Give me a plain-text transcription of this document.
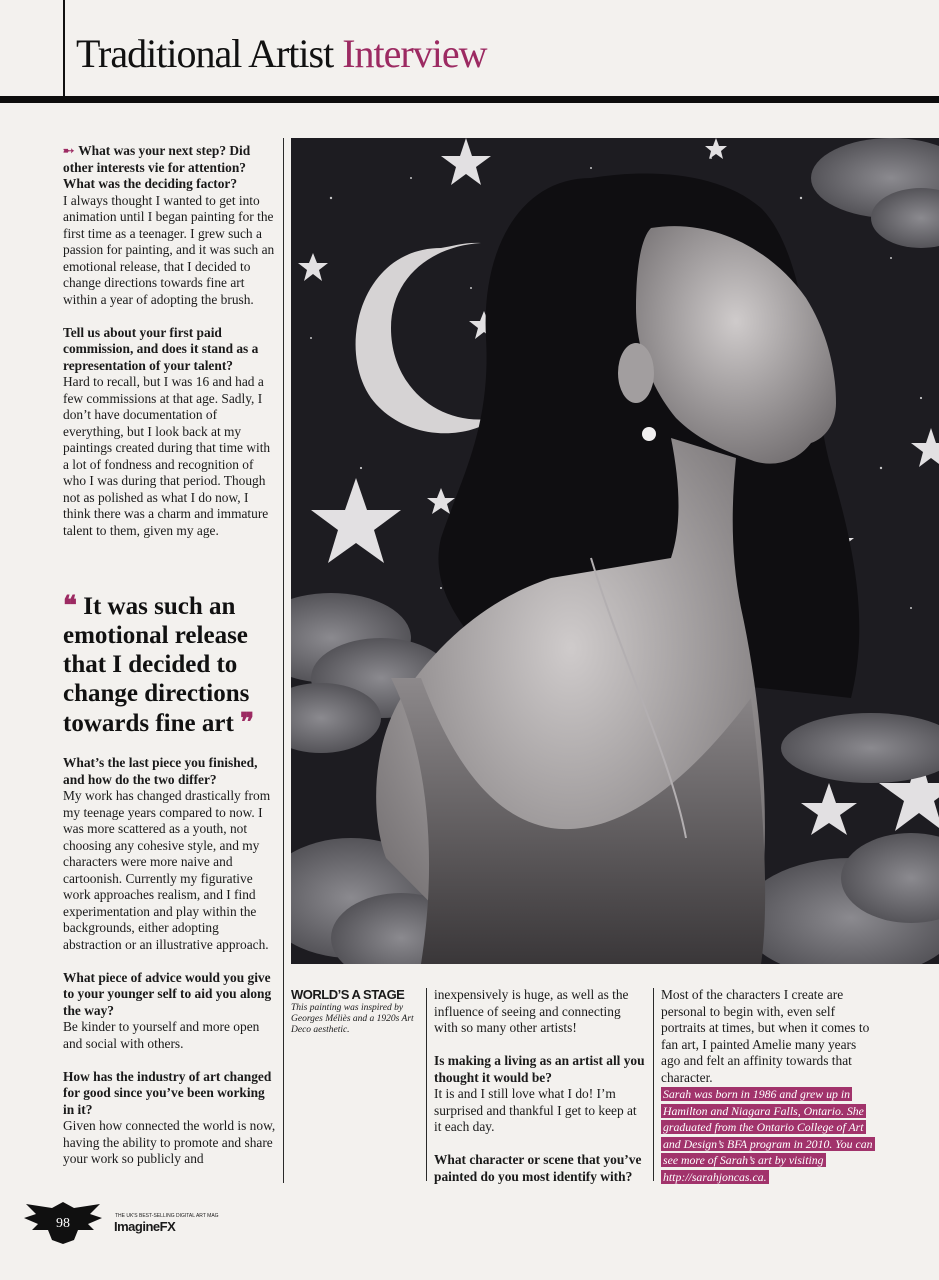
Traditional Artist Interview

➸ What was your next step? Did other interests vie for attention? What was the deciding factor?
I always thought I wanted to get into animation until I began painting for the first time as a teenager. I grew such a passion for painting, and it was such an emotional release, that I decided to change directions towards fine art within a year of adopting the brush.

Tell us about your first paid commission, and does it stand as a representation of your talent?
Hard to recall, but I was 16 and had a few commissions at that age. Sadly, I don’t have documentation of everything, but I look back at my paintings created during that time with a lot of fondness and recognition of who I was during that period. Though not as polished as what I do now, I think there was a charm and immature talent to them, given my age.

❝ It was such an emotional release that I decided to change directions towards fine art ❞

What’s the last piece you finished, and how do the two differ?
My work has changed drastically from my teenage years compared to now. I was more scattered as a youth, not choosing any cohesive style, and my characters were more naive and cartoonish. Currently my figurative work approaches realism, and I find experimentation and play within the backgrounds, either adopting abstraction or an illustrative approach.

What piece of advice would you give to your younger self to aid you along the way?
Be kinder to yourself and more open and social with others.

How has the industry of art changed for good since you’ve been working in it?
Given how connected the world is now, having the ability to promote and share your work so publicly and

WORLD’S A STAGE
This painting was inspired by Georges Méliès and a 1920s Art Deco aesthetic.

inexpensively is huge, as well as the influence of seeing and connecting with so many other artists!

Is making a living as an artist all you thought it would be?
It is and I still love what I do! I’m surprised and thankful I get to keep at it each day.

What character or scene that you’ve painted do you most identify with?

Most of the characters I create are personal to begin with, even self portraits at times, but when it comes to fan art, I painted Amelie many years ago and felt an affinity towards that character.
Sarah was born in 1986 and grew up in Hamilton and Niagara Falls, Ontario. She graduated from the Ontario College of Art and Design’s BFA program in 2010. You can see more of Sarah’s art by visiting http://sarahjoncas.ca.
98	THE UK'S BEST-SELLING DIGITAL ART MAG
ImagineFX
